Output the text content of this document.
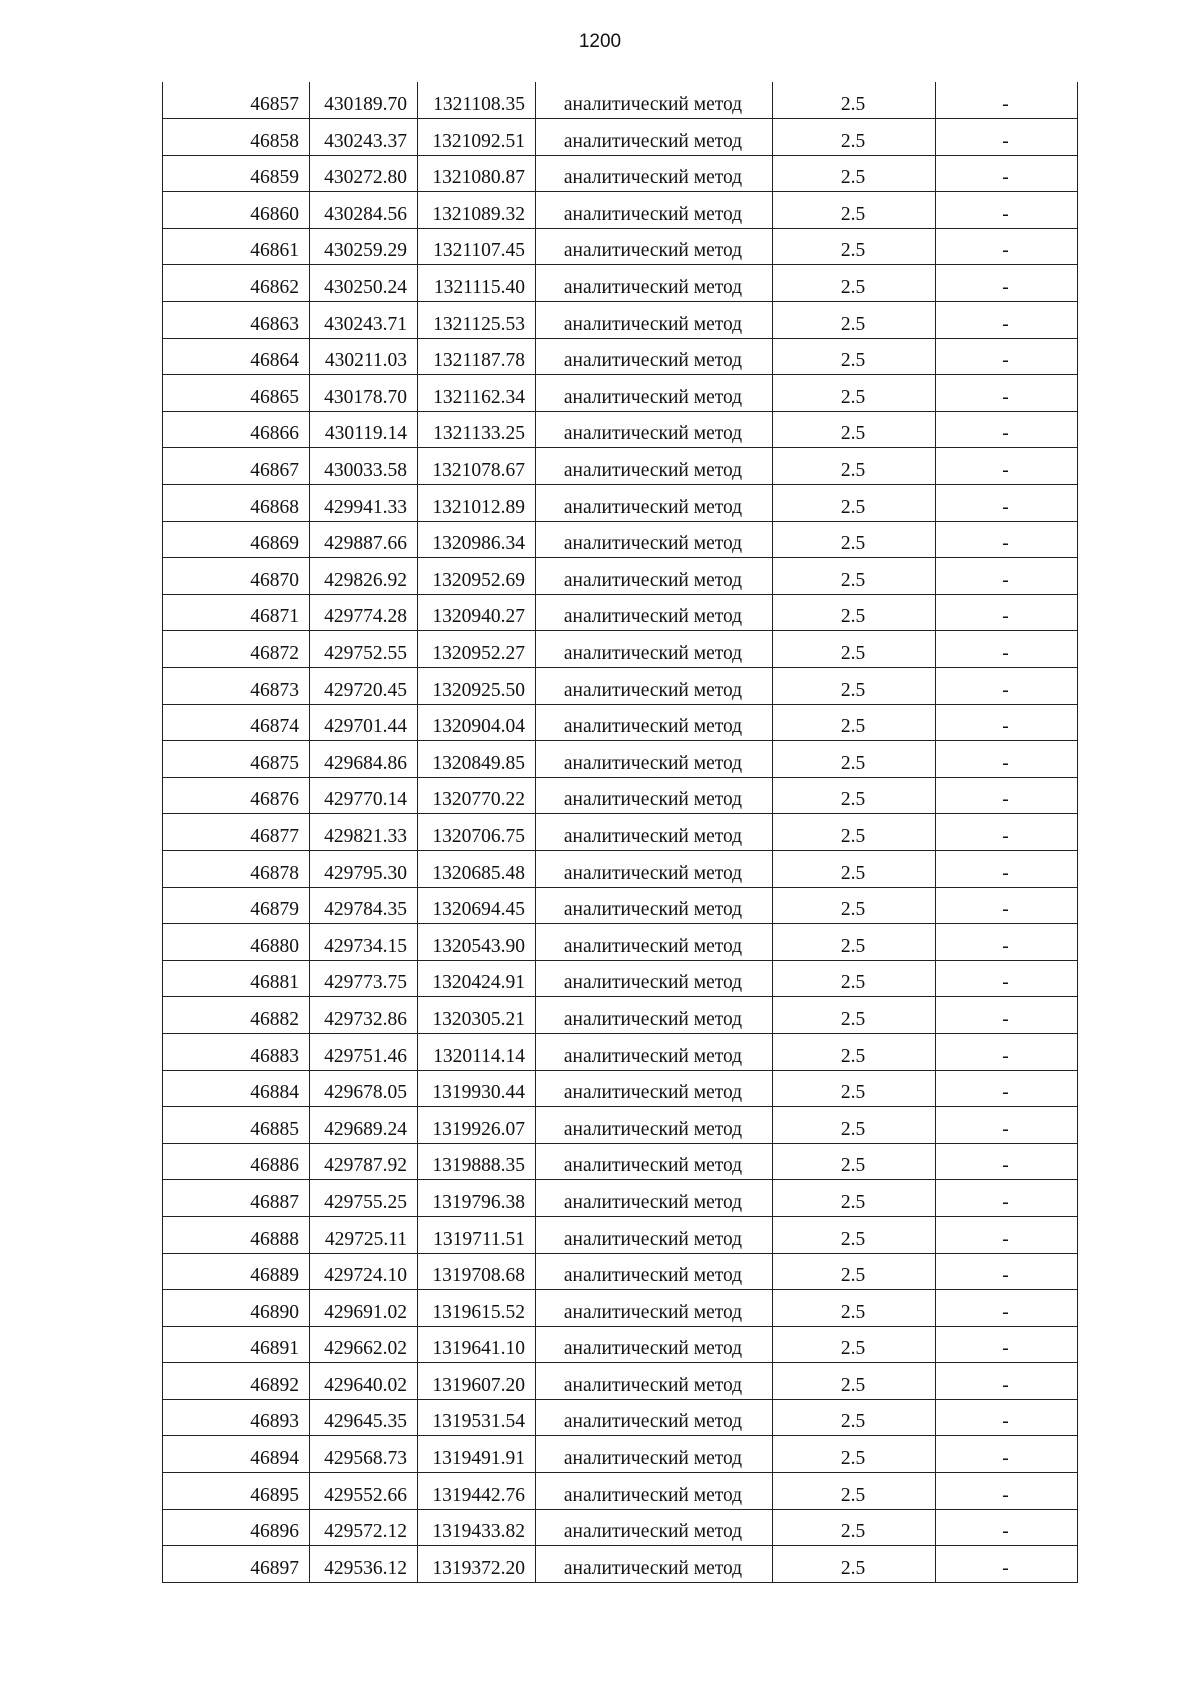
1200
46857	430189.70	1321108.35	аналитический метод	2.5	-
46858	430243.37	1321092.51	аналитический метод	2.5	-
46859	430272.80	1321080.87	аналитический метод	2.5	-
46860	430284.56	1321089.32	аналитический метод	2.5	-
46861	430259.29	1321107.45	аналитический метод	2.5	-
46862	430250.24	1321115.40	аналитический метод	2.5	-
46863	430243.71	1321125.53	аналитический метод	2.5	-
46864	430211.03	1321187.78	аналитический метод	2.5	-
46865	430178.70	1321162.34	аналитический метод	2.5	-
46866	430119.14	1321133.25	аналитический метод	2.5	-
46867	430033.58	1321078.67	аналитический метод	2.5	-
46868	429941.33	1321012.89	аналитический метод	2.5	-
46869	429887.66	1320986.34	аналитический метод	2.5	-
46870	429826.92	1320952.69	аналитический метод	2.5	-
46871	429774.28	1320940.27	аналитический метод	2.5	-
46872	429752.55	1320952.27	аналитический метод	2.5	-
46873	429720.45	1320925.50	аналитический метод	2.5	-
46874	429701.44	1320904.04	аналитический метод	2.5	-
46875	429684.86	1320849.85	аналитический метод	2.5	-
46876	429770.14	1320770.22	аналитический метод	2.5	-
46877	429821.33	1320706.75	аналитический метод	2.5	-
46878	429795.30	1320685.48	аналитический метод	2.5	-
46879	429784.35	1320694.45	аналитический метод	2.5	-
46880	429734.15	1320543.90	аналитический метод	2.5	-
46881	429773.75	1320424.91	аналитический метод	2.5	-
46882	429732.86	1320305.21	аналитический метод	2.5	-
46883	429751.46	1320114.14	аналитический метод	2.5	-
46884	429678.05	1319930.44	аналитический метод	2.5	-
46885	429689.24	1319926.07	аналитический метод	2.5	-
46886	429787.92	1319888.35	аналитический метод	2.5	-
46887	429755.25	1319796.38	аналитический метод	2.5	-
46888	429725.11	1319711.51	аналитический метод	2.5	-
46889	429724.10	1319708.68	аналитический метод	2.5	-
46890	429691.02	1319615.52	аналитический метод	2.5	-
46891	429662.02	1319641.10	аналитический метод	2.5	-
46892	429640.02	1319607.20	аналитический метод	2.5	-
46893	429645.35	1319531.54	аналитический метод	2.5	-
46894	429568.73	1319491.91	аналитический метод	2.5	-
46895	429552.66	1319442.76	аналитический метод	2.5	-
46896	429572.12	1319433.82	аналитический метод	2.5	-
46897	429536.12	1319372.20	аналитический метод	2.5	-
